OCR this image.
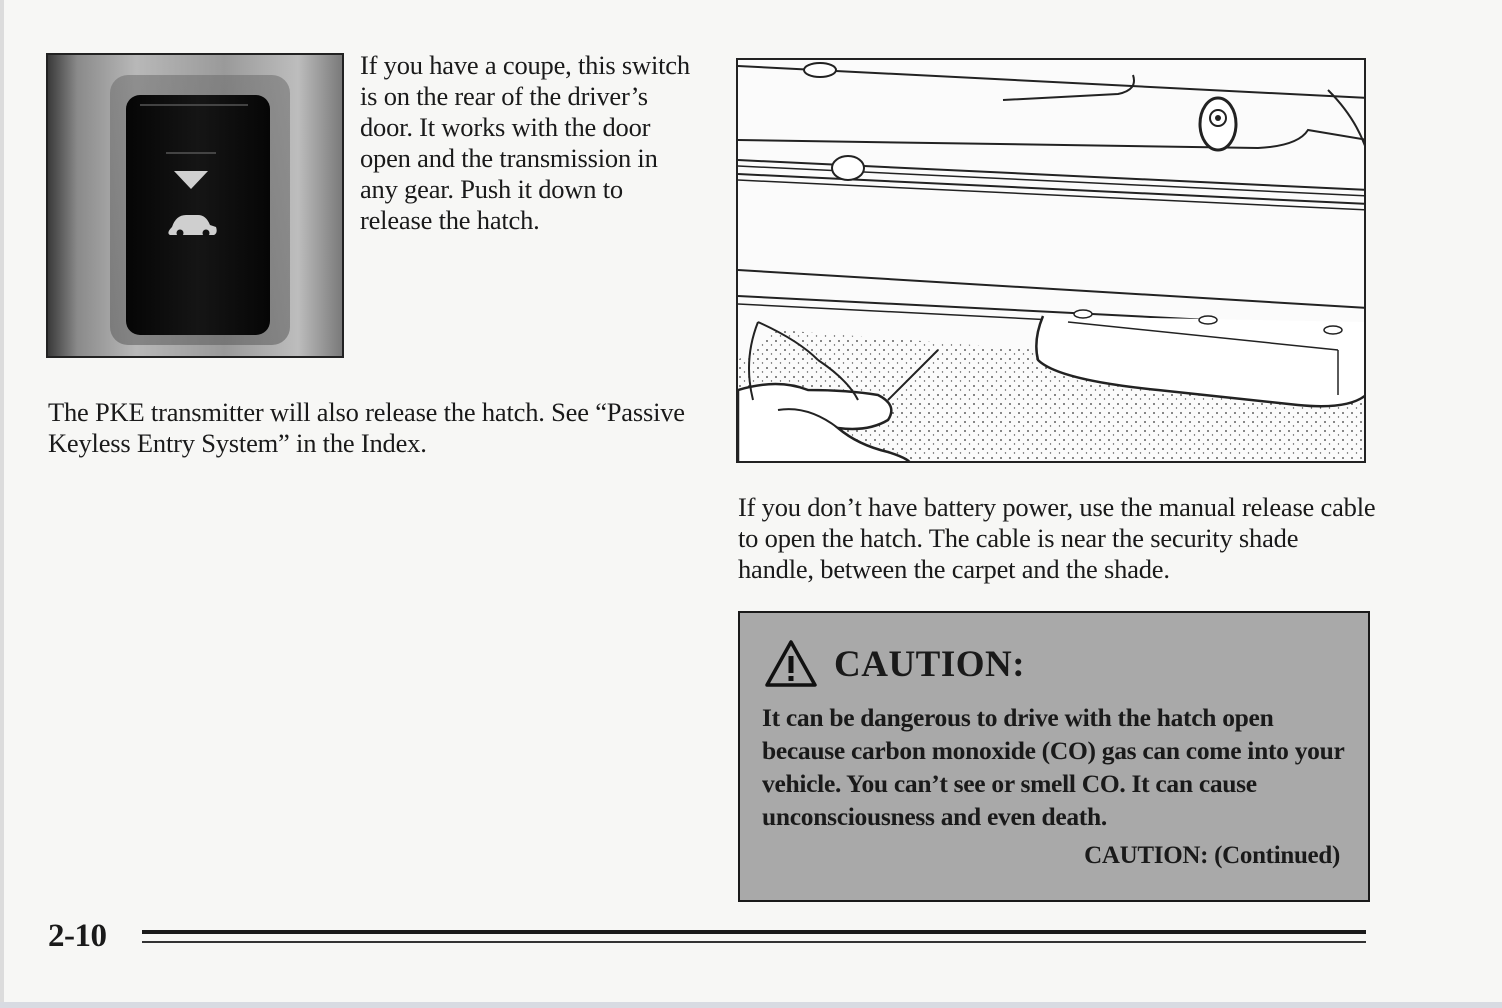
If you have a coupe, this switch is on the rear of the driver’s door. It works with the door open and the transmission in any gear. Push it down to release the hatch.
The PKE transmitter will also release the hatch. See “Passive Keyless Entry System” in the Index.
If you don’t have battery power, use the manual release cable to open the hatch. The cable is near the security shade handle, between the carpet and the shade.
CAUTION:
It can be dangerous to drive with the hatch open because carbon monoxide (CO) gas can come into your vehicle. You can’t see or smell CO. It can cause unconsciousness and even death.
CAUTION: (Continued)
2-10
